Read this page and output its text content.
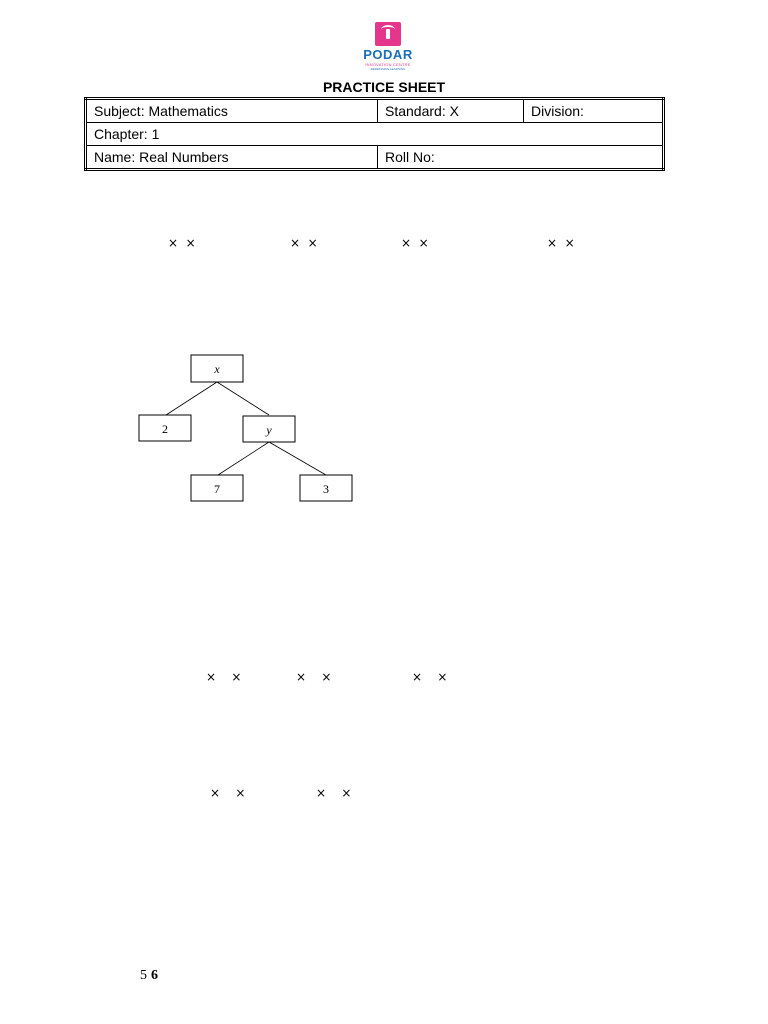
PODAR
INNOVATION CENTRE
REDEFINING LEARNING
PRACTICE SHEET
Subject: Mathematics	Standard: X	Division:
Chapter: 1		
Name: Real Numbers	Roll No:	
×  ×	×  ×	×  ×	×  ×
x
2	y
7	3
×    ×	×    ×	×    ×
×    ×	×    ×
5 6
